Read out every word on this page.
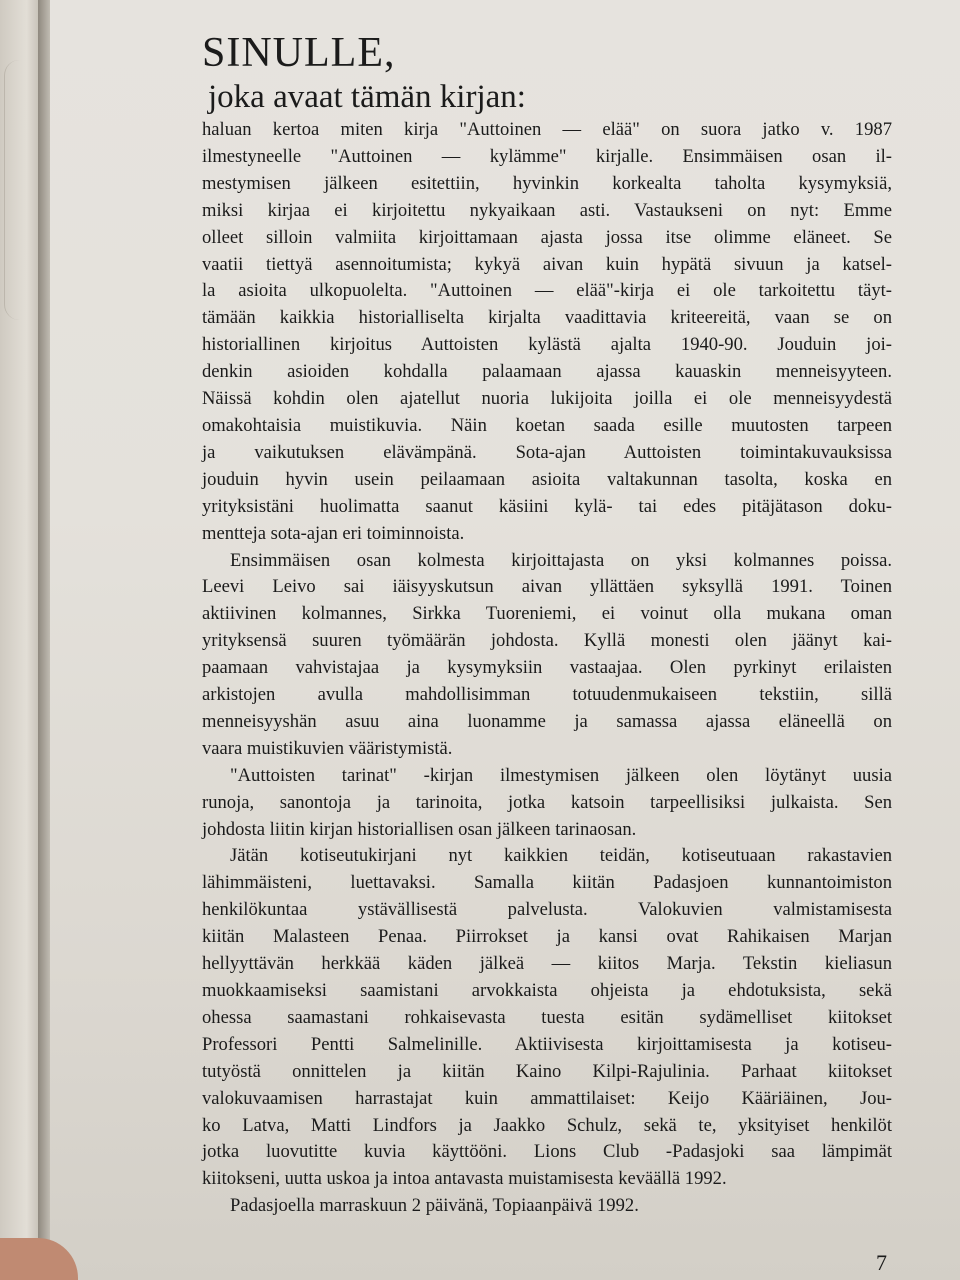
SINULLE,
joka avaat tämän kirjan:
haluan kertoa miten kirja "Auttoinen — elää" on suora jatko v. 1987
ilmestyneelle "Auttoinen — kylämme" kirjalle. Ensimmäisen osan il-
mestymisen jälkeen esitettiin, hyvinkin korkealta taholta kysymyksiä,
miksi kirjaa ei kirjoitettu nykyaikaan asti. Vastaukseni on nyt: Emme
olleet silloin valmiita kirjoittamaan ajasta jossa itse olimme eläneet. Se
vaatii tiettyä asennoitumista; kykyä aivan kuin hypätä sivuun ja katsel-
la asioita ulkopuolelta. "Auttoinen — elää"-kirja ei ole tarkoitettu täyt-
tämään kaikkia historialliselta kirjalta vaadittavia kriteereitä, vaan se on
historiallinen kirjoitus Auttoisten kylästä ajalta 1940-90. Jouduin joi-
denkin asioiden kohdalla palaamaan ajassa kauaskin menneisyyteen.
Näissä kohdin olen ajatellut nuoria lukijoita joilla ei ole menneisyydestä
omakohtaisia muistikuvia. Näin koetan saada esille muutosten tarpeen
ja vaikutuksen elävämpänä. Sota-ajan Auttoisten toimintakuvauksissa
jouduin hyvin usein peilaamaan asioita valtakunnan tasolta, koska en
yrityksistäni huolimatta saanut käsiini kylä- tai edes pitäjätason doku-
mentteja sota-ajan eri toiminnoista.
Ensimmäisen osan kolmesta kirjoittajasta on yksi kolmannes poissa.
Leevi Leivo sai iäisyyskutsun aivan yllättäen syksyllä 1991. Toinen
aktiivinen kolmannes, Sirkka Tuoreniemi, ei voinut olla mukana oman
yrityksensä suuren työmäärän johdosta. Kyllä monesti olen jäänyt kai-
paamaan vahvistajaa ja kysymyksiin vastaajaa. Olen pyrkinyt erilaisten
arkistojen avulla mahdollisimman totuudenmukaiseen tekstiin, sillä
menneisyyshän asuu aina luonamme ja samassa ajassa eläneellä on
vaara muistikuvien vääristymistä.
"Auttoisten tarinat" -kirjan ilmestymisen jälkeen olen löytänyt uusia
runoja, sanontoja ja tarinoita, jotka katsoin tarpeellisiksi julkaista. Sen
johdosta liitin kirjan historiallisen osan jälkeen tarinaosan.
Jätän kotiseutukirjani nyt kaikkien teidän, kotiseutuaan rakastavien
lähimmäisteni, luettavaksi. Samalla kiitän Padasjoen kunnantoimiston
henkilökuntaa ystävällisestä palvelusta. Valokuvien valmistamisesta
kiitän Malasteen Penaa. Piirrokset ja kansi ovat Rahikaisen Marjan
hellyyttävän herkkää käden jälkeä — kiitos Marja. Tekstin kieliasun
muokkaamiseksi saamistani arvokkaista ohjeista ja ehdotuksista, sekä
ohessa saamastani rohkaisevasta tuesta esitän sydämelliset kiitokset
Professori Pentti Salmelinille. Aktiivisesta kirjoittamisesta ja kotiseu-
tutyöstä onnittelen ja kiitän Kaino Kilpi-Rajulinia. Parhaat kiitokset
valokuvaamisen harrastajat kuin ammattilaiset: Keijo Kääriäinen, Jou-
ko Latva, Matti Lindfors ja Jaakko Schulz, sekä te, yksityiset henkilöt
jotka luovutitte kuvia käyttööni. Lions Club -Padasjoki saa lämpimät
kiitokseni, uutta uskoa ja intoa antavasta muistamisesta keväällä 1992.
Padasjoella marraskuun 2 päivänä, Topiaanpäivä 1992.
7
